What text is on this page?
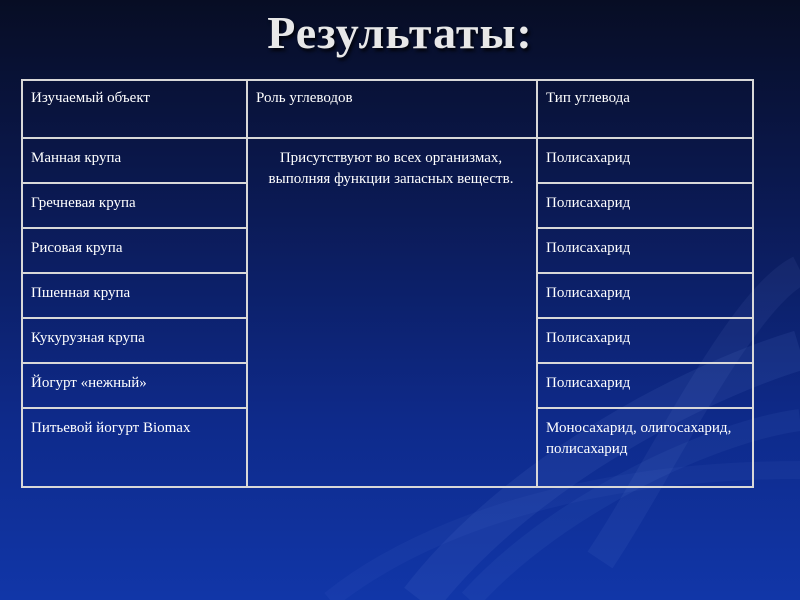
Результаты:
Изучаемый объект	Роль углеводов	Тип углевода
Манная крупа	Присутствуют во всех организмах, выполняя функции запасных веществ.	Полисахарид
Гречневая крупа		Полисахарид
Рисовая крупа		Полисахарид
Пшенная крупа		Полисахарид
Кукурузная крупа		Полисахарид
Йогурт «нежный»		Полисахарид
Питьевой йогурт Biomax		Моносахарид, олигосахарид, полисахарид
